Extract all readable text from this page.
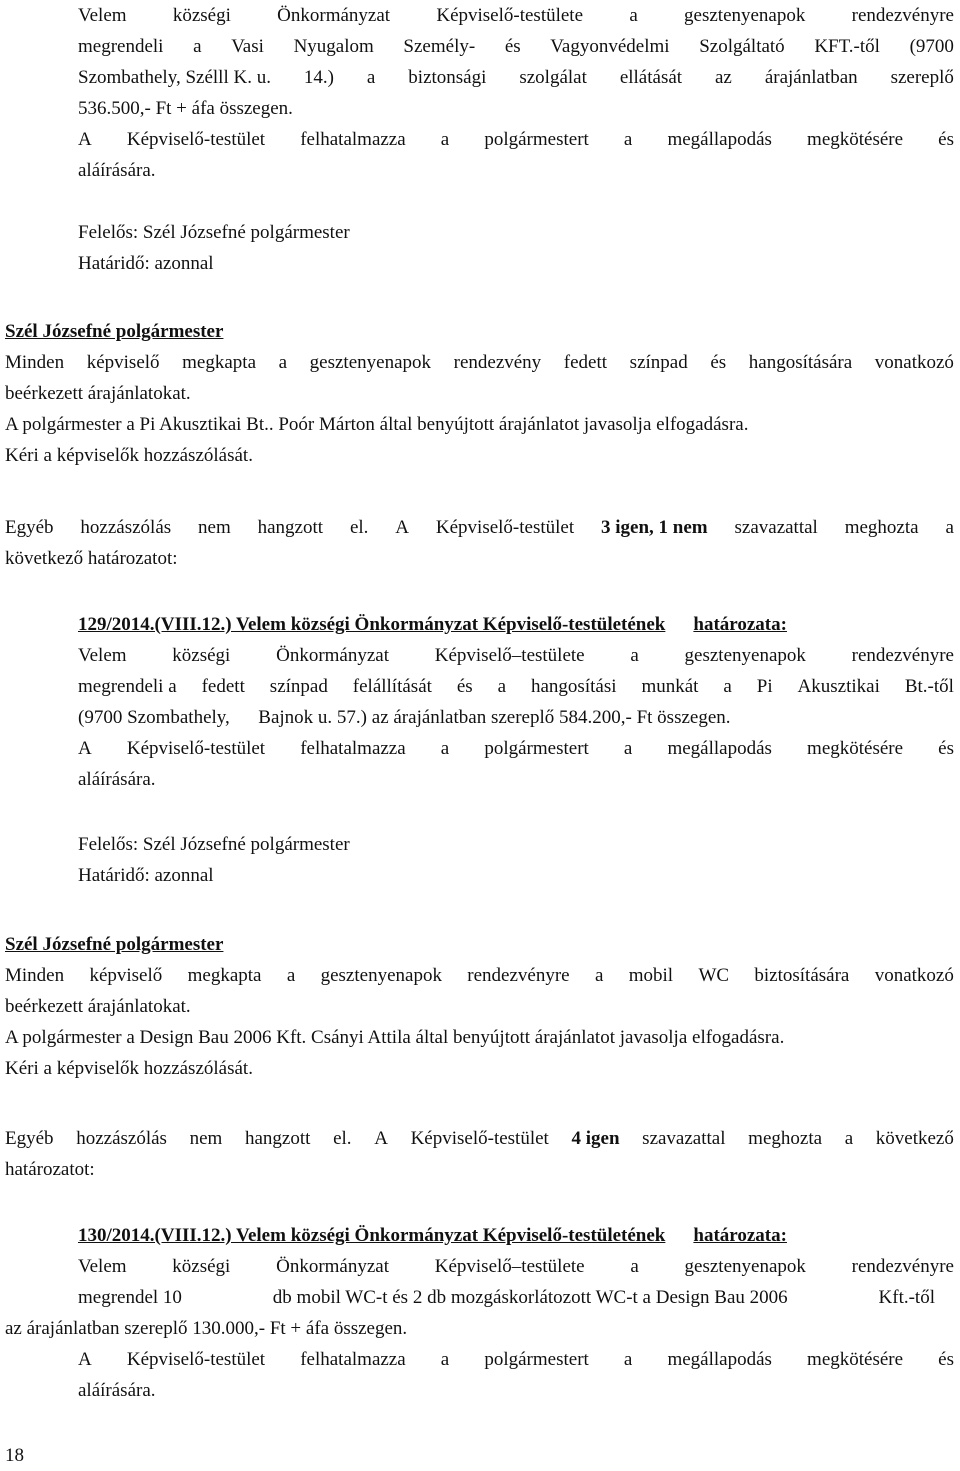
Velem községi Önkormányzat Képviselő-testülete a gesztenyenapok rendezvényre
megrendeli a Vasi Nyugalom Személy- és Vagyonvédelmi Szolgáltató KFT.-től (9700
Szombathely, Szélll K. u. 14.) a biztonsági szolgálat ellátását az árajánlatban szereplő
536.500,- Ft + áfa összegen.
A Képviselő-testület felhatalmazza a polgármestert a megállapodás megkötésére és
aláírására.
Felelős: Szél Józsefné polgármester
Határidő: azonnal
Szél Józsefné polgármester
Minden képviselő megkapta a gesztenyenapok rendezvény fedett színpad és hangosítására vonatkozó
beérkezett árajánlatokat.
A polgármester a Pi Akusztikai Bt.. Poór Márton által benyújtott árajánlatot javasolja elfogadásra.
Kéri a képviselők hozzászólását.
Egyéb hozzászólás nem hangzott el. A Képviselő-testület 3 igen, 1 nem szavazattal meghozta a
következő határozatot:
129/2014.(VIII.12.) Velem községi Önkormányzat Képviselő-testületének határozata:
Velem községi Önkormányzat Képviselő–testülete a gesztenyenapok rendezvényre
megrendeli a fedett színpad felállítását és a hangosítási munkát a Pi Akusztikai Bt.-től
(9700 Szombathely,      Bajnok u. 57.) az árajánlatban szereplő 584.200,- Ft összegen.
A Képviselő-testület felhatalmazza a polgármestert a megállapodás megkötésére és
aláírására.
Felelős: Szél Józsefné polgármester
Határidő: azonnal
Szél Józsefné polgármester
Minden képviselő megkapta a gesztenyenapok rendezvényre a mobil WC biztosítására vonatkozó
beérkezett árajánlatokat.
A polgármester a Design Bau 2006 Kft. Csányi Attila által benyújtott árajánlatot javasolja elfogadásra.
Kéri a képviselők hozzászólását.
Egyéb hozzászólás nem hangzott el. A Képviselő-testület 4 igen szavazattal meghozta a következő
határozatot:
130/2014.(VIII.12.) Velem községi Önkormányzat Képviselő-testületének határozata:
Velem községi Önkormányzat Képviselő–testülete a gesztenyenapok rendezvényre
megrendel 10	db mobil WC-t és 2 db mozgáskorlátozott WC-t a Design Bau 2006	Kft.-től
az árajánlatban szereplő 130.000,- Ft + áfa összegen.
A Képviselő-testület felhatalmazza a polgármestert a megállapodás megkötésére és
aláírására.
18
